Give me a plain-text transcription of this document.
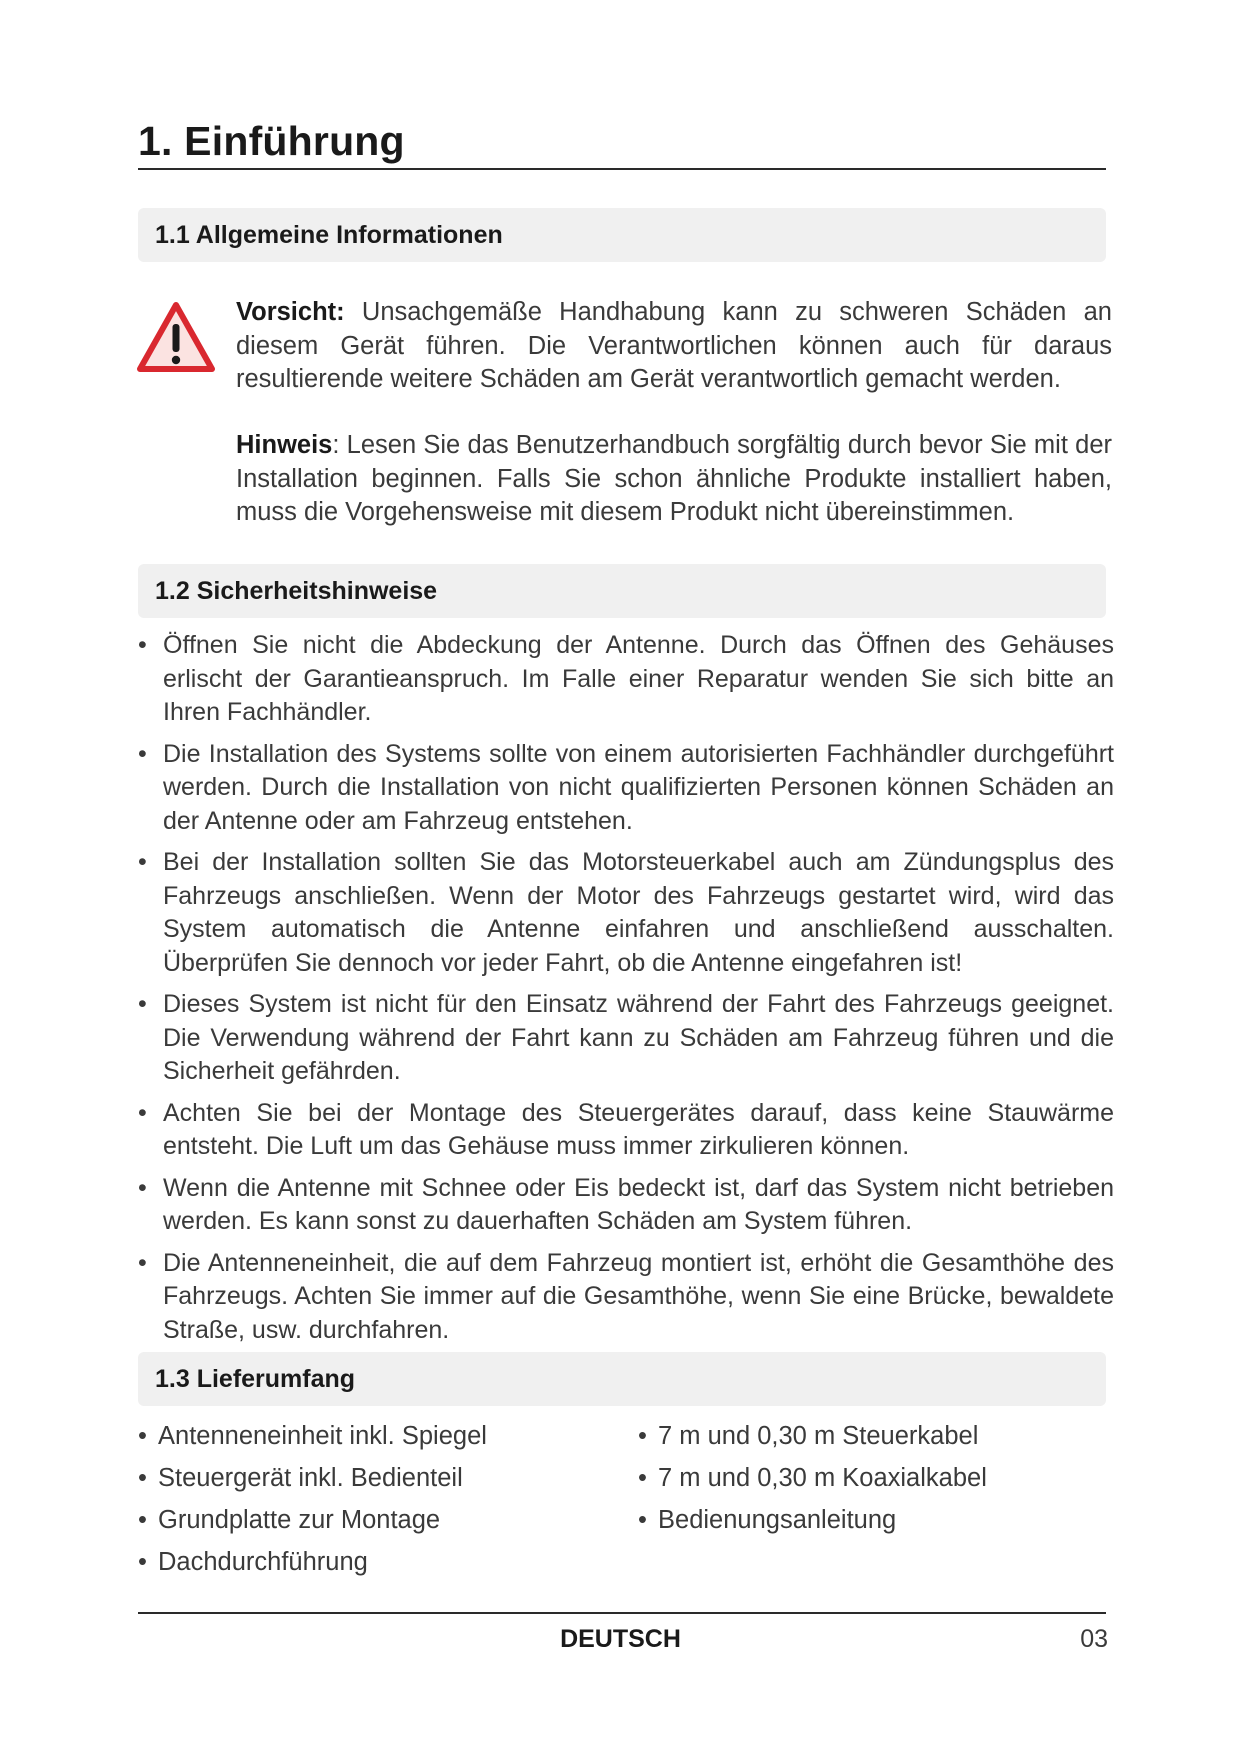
1. Einführung
1.1 Allgemeine Informationen

Vorsicht: Unsachgemäße Handhabung kann zu schweren Schäden an diesem Gerät führen. Die Verantwortlichen können auch für daraus resultierende weitere Schäden am Gerät verantwortlich gemacht werden.

Hinweis: Lesen Sie das Benutzerhandbuch sorgfältig durch bevor Sie mit der Installation beginnen. Falls Sie schon ähnliche Produkte installiert haben, muss die Vorgehensweise mit diesem Produkt nicht übereinstimmen.

1.2 Sicherheitshinweise
• Öffnen Sie nicht die Abdeckung der Antenne. Durch das Öffnen des Gehäuses erlischt der Garantieanspruch. Im Falle einer Reparatur wenden Sie sich bitte an Ihren Fachhändler.
• Die Installation des Systems sollte von einem autorisierten Fachhändler durchgeführt werden. Durch die Installation von nicht qualifizierten Personen können Schäden an der Antenne oder am Fahrzeug entstehen.
• Bei der Installation sollten Sie das Motorsteuerkabel auch am Zündungsplus des Fahrzeugs anschließen. Wenn der Motor des Fahrzeugs gestartet wird, wird das System automatisch die Antenne einfahren und anschließend ausschalten. Überprüfen Sie dennoch vor jeder Fahrt, ob die Antenne eingefahren ist!
• Dieses System ist nicht für den Einsatz während der Fahrt des Fahrzeugs geeignet. Die Verwendung während der Fahrt kann zu Schäden am Fahrzeug führen und die Sicherheit gefährden.
• Achten Sie bei der Montage des Steuergerätes darauf, dass keine Stauwärme entsteht. Die Luft um das Gehäuse muss immer zirkulieren können.
• Wenn die Antenne mit Schnee oder Eis bedeckt ist, darf das System nicht betrieben werden. Es kann sonst zu dauerhaften Schäden am System führen.
• Die Antenneneinheit, die auf dem Fahrzeug montiert ist, erhöht die Gesamthöhe des Fahrzeugs. Achten Sie immer auf die Gesamthöhe, wenn Sie eine Brücke, bewaldete Straße, usw. durchfahren.
1.3 Lieferumfang
• Antenneneinheit inkl. Spiegel
• Steuergerät inkl. Bedienteil
• Grundplatte zur Montage
• Dachdurchführung
• 7 m und 0,30 m Steuerkabel
• 7 m und 0,30 m Koaxialkabel
• Bedienungsanleitung
DEUTSCH	03
